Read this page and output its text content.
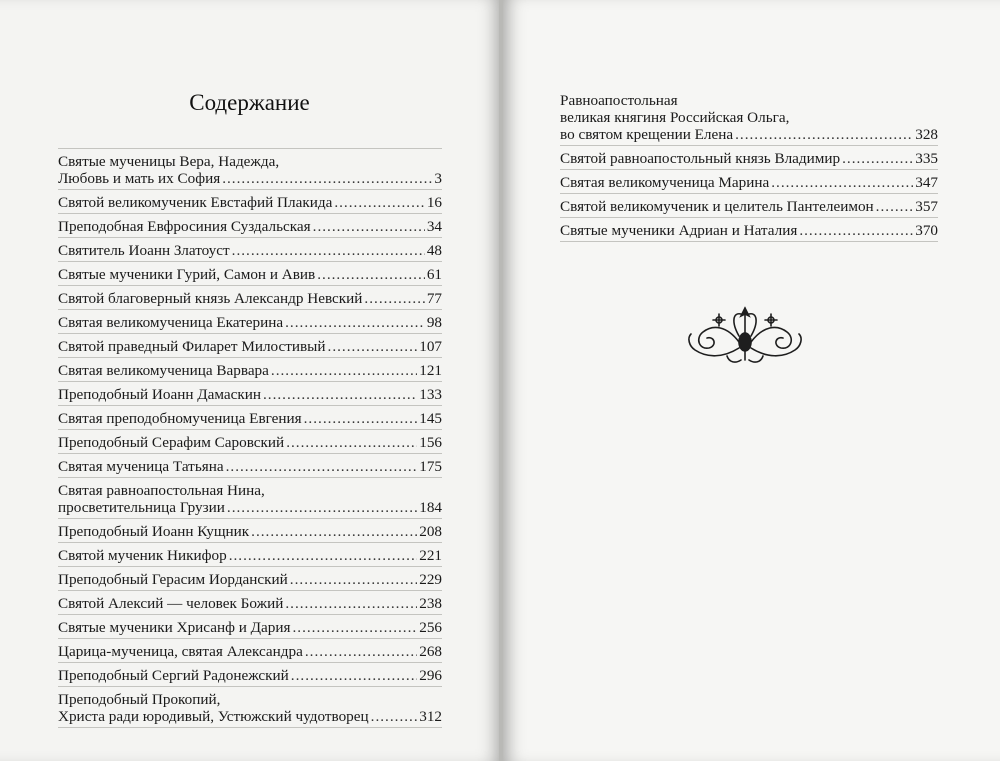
Содержание
Святые мученицы Вера, Надежда,
Любовь и мать их София .....	3
Святой великомученик Евстафий Плакида .....	16
Преподобная Евфросиния Суздальская .....	34
Святитель Иоанн Златоуст .....	48
Святые мученики Гурий, Самон и Авив .....	61
Святой благоверный князь Александр Невский .....	77
Святая великомученица Екатерина .....	98
Святой праведный Филарет Милостивый .....	107
Святая великомученица Варвара .....	121
Преподобный Иоанн Дамаскин .....	133
Святая преподобномученица Евгения .....	145
Преподобный Серафим Саровский .....	156
Святая мученица Татьяна .....	175
Святая равноапостольная Нина,
просветительница Грузии .....	184
Преподобный Иоанн Кущник .....	208
Святой мученик Никифор .....	221
Преподобный Герасим Иорданский .....	229
Святой Алексий — человек Божий .....	238
Святые мученики Хрисанф и Дария .....	256
Царица-мученица, святая Александра .....	268
Преподобный Сергий Радонежский .....	296
Преподобный Прокопий,
Христа ради юродивый, Устюжский чудотворец .....	312
Равноапостольная
великая княгиня Российская Ольга,
во святом крещении Елена .....	328
Святой равноапостольный князь Владимир .....	335
Святая великомученица Марина .....	347
Святой великомученик и целитель Пантелеимон .....	357
Святые мученики Адриан и Наталия .....	370
